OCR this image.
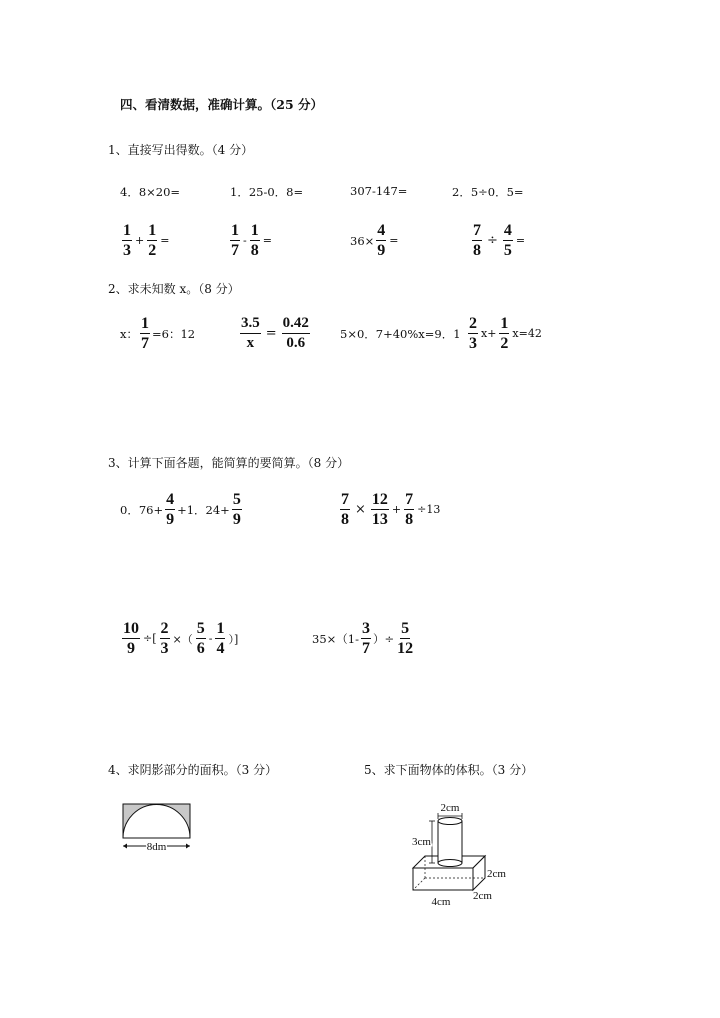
四、看清数据，准确计算。（25 分）
1、直接写出得数。（4 分）
4．8×20=	1．25-0．8=	307-147=	2．5÷0．5=
$\frac{1}{3} + \frac{1}{2}$ =	$\frac{1}{7} - \frac{1}{8}$ =	$36\times \frac{4}{9}$ =	$\frac{7}{8} \div \frac{4}{5}$ =
2、求未知数 x。（8 分）
x： $\frac{1}{7} =6$：12	$\frac{3.5}{x} = \frac{0.42}{0.6}$	5×0．7+40%x=9．$1 \frac{2}{3} x+ \frac{1}{2} x=42$
3、计算下面各题，能简算的要简算。（8 分）
0．$76+ \frac{4}{9} +1$．$24+ \frac{5}{9}$	$\frac{7}{8} \times \frac{12}{13} + \frac{7}{8} \div 13$
$\frac{10}{9}$ ÷[ $\frac{2}{3}$ ×（ $\frac{5}{6} - \frac{1}{4}$ ）]	$35\times(1- \frac{3}{7}$ ）÷ $\frac{5}{12}$
4、求阴影部分的面积。（3 分）
8dm
5、求下面物体的体积。（3 分）
2cm
3cm
2cm
2cm
4cm
